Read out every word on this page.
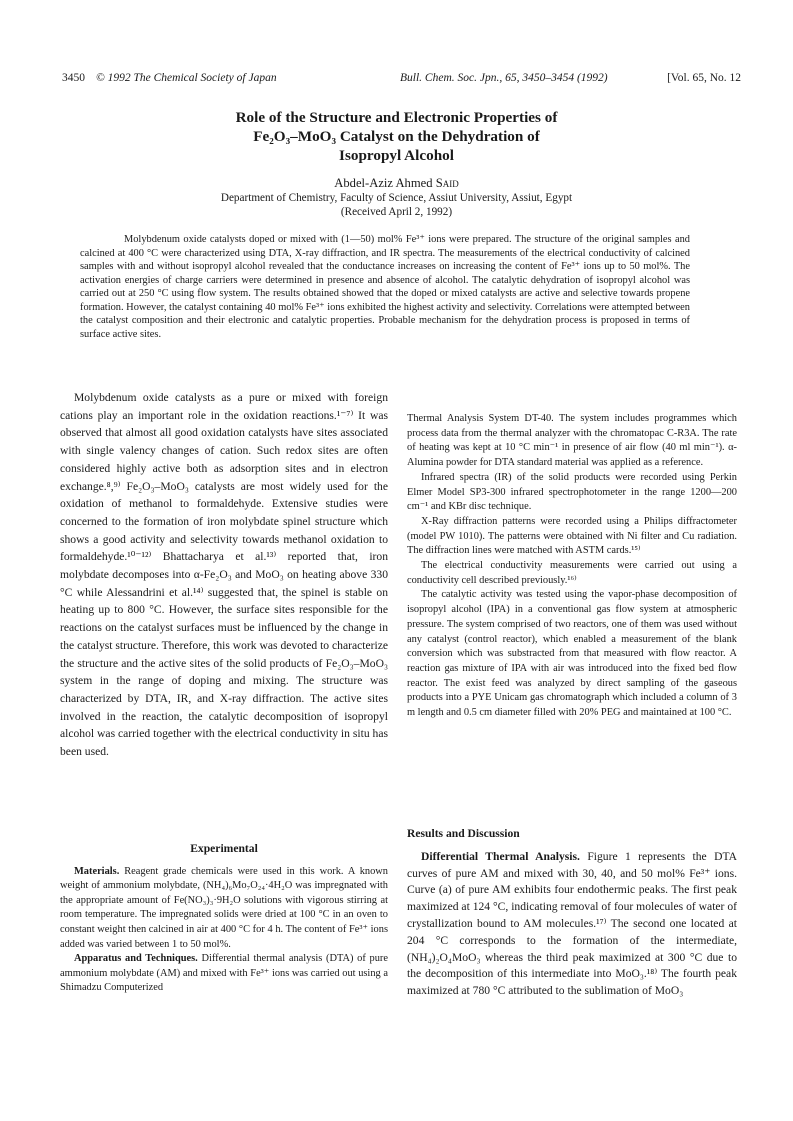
3450 © 1992 The Chemical Society of Japan	Bull. Chem. Soc. Jpn., 65, 3450–3454 (1992)	[Vol. 65, No. 12

Role of the Structure and Electronic Properties of
Fe₂O₃–MoO₃ Catalyst on the Dehydration of
Isopropyl Alcohol

Abdel-Aziz Ahmed Said
Department of Chemistry, Faculty of Science, Assiut University, Assiut, Egypt
(Received April 2, 1992)

Molybdenum oxide catalysts doped or mixed with (1—50) mol% Fe³⁺ ions were prepared. The structure of the original samples and calcined at 400 °C were characterized using DTA, X-ray diffraction, and IR spectra. The measurements of the electrical conductivity of calcined samples with and without isopropyl alcohol revealed that the conductance increases on increasing the content of Fe³⁺ ions up to 50 mol%. The activation energies of charge carriers were determined in presence and absence of alcohol. The catalytic dehydration of isopropyl alcohol was carried out at 250 °C using flow system. The results obtained showed that the doped or mixed catalysts are active and selective towards propene formation. However, the catalyst containing 40 mol% Fe³⁺ ions exhibited the highest activity and selectivity. Correlations were attempted between the catalyst composition and their electronic and catalytic properties. Probable mechanism for the dehydration process is proposed in terms of surface active sites.

Molybdenum oxide catalysts as a pure or mixed with foreign cations play an important role in the oxidation reactions.¹⁻⁷⁾ It was observed that almost all good oxidation catalysts have sites associated with single valency changes of cation. Such redox sites are often considered highly active both as adsorption sites and in electron exchange.⁸,⁹⁾ Fe₂O₃–MoO₃ catalysts are most widely used for the oxidation of methanol to formaldehyde. Extensive studies were concerned to the formation of iron molybdate spinel structure which shows a good activity and selectivity towards methanol oxidation to formaldehyde.¹⁰⁻¹²⁾ Bhattacharya et al.¹³⁾ reported that, iron molybdate decomposes into α-Fe₂O₃ and MoO₃ on heating above 330 °C while Alessandrini et al.¹⁴⁾ suggested that, the spinel is stable on heating up to 800 °C. However, the surface sites responsible for the reactions on the catalyst surfaces must be influenced by the change in the catalyst structure. Therefore, this work was devoted to characterize the structure and the active sites of the solid products of Fe₂O₃–MoO₃ system in the range of doping and mixing. The structure was characterized by DTA, IR, and X-ray diffraction. The active sites involved in the reaction, the catalytic decomposition of isopropyl alcohol was carried together with the electrical conductivity in situ has been used.

Experimental

Materials. Reagent grade chemicals were used in this work. A known weight of ammonium molybdate, (NH₄)₆Mo₇O₂₄·4H₂O was impregnated with the appropriate amount of Fe(NO₃)₃·9H₂O solutions with vigorous stirring at room temperature. The impregnated solids were dried at 100 °C in an oven to constant weight then calcined in air at 400 °C for 4 h. The content of Fe³⁺ ions added was varied between 1 to 50 mol%.

Apparatus and Techniques. Differential thermal analysis (DTA) of pure ammonium molybdate (AM) and mixed with Fe³⁺ ions was carried out using a Shimadzu Computerized

Thermal Analysis System DT-40. The system includes programmes which process data from the thermal analyzer with the chromatopac C-R3A. The rate of heating was kept at 10 °C min⁻¹ in presence of air flow (40 ml min⁻¹). α-Alumina powder for DTA standard material was applied as a reference.

Infrared spectra (IR) of the solid products were recorded using Perkin Elmer Model SP3-300 infrared spectrophotometer in the range 1200—200 cm⁻¹ and KBr disc technique.

X-Ray diffraction patterns were recorded using a Philips diffractometer (model PW 1010). The patterns were obtained with Ni filter and Cu radiation. The diffraction lines were matched with ASTM cards.¹⁵⁾

The electrical conductivity measurements were carried out using a conductivity cell described previously.¹⁶⁾

The catalytic activity was tested using the vapor-phase decomposition of isopropyl alcohol (IPA) in a conventional gas flow system at atmospheric pressure. The system comprised of two reactors, one of them was used without any catalyst (control reactor), which enabled a measurement of the blank conversion which was substracted from that measured with flow reactor. A reaction gas mixture of IPA with air was introduced into the fixed bed flow reactor. The exist feed was analyzed by direct sampling of the gaseous products into a PYE Unicam gas chromatograph which included a column of 3 m length and 0.5 cm diameter filled with 20% PEG and maintained at 100 °C.

Results and Discussion

Differential Thermal Analysis. Figure 1 represents the DTA curves of pure AM and mixed with 30, 40, and 50 mol% Fe³⁺ ions. Curve (a) of pure AM exhibits four endothermic peaks. The first peak maximized at 124 °C, indicating removal of four molecules of water of crystallization bound to AM molecules.¹⁷⁾ The second one located at 204 °C corresponds to the formation of the intermediate, (NH₄)₂O₄MoO₃ whereas the third peak maximized at 300 °C due to the decomposition of this intermediate into MoO₃.¹⁸⁾ The fourth peak maximized at 780 °C attributed to the sublimation of MoO₃
